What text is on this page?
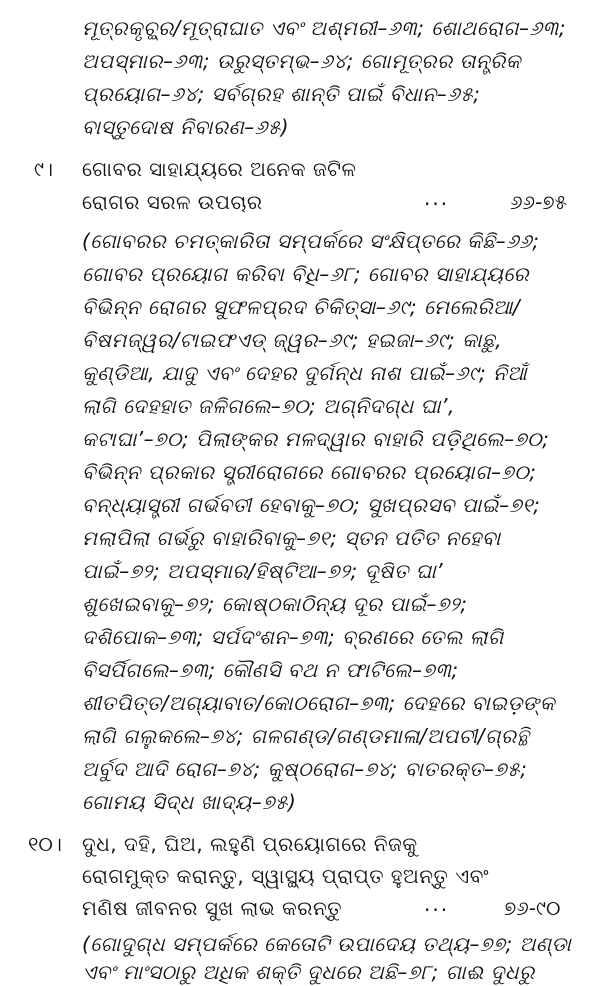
ମୂତ୍ରକୃଚ୍ଛ୍ର/ମୂତ୍ରାଘାତ ଏବଂ ଅଶ୍ମରୀ–୬୩; ଶୋଥରୋଗ–୬୩;
ଅପସ୍ମାର–୬୩; ଉରୁସ୍ତମ୍ଭ–୬୪; ଗୋମୂତ୍ରର ତାନ୍ତ୍ରିକ
ପ୍ରୟୋଗ–୬୪; ସର୍ବଗ୍ରହ ଶାନ୍ତି ପାଇଁ ବିଧାନ–୬୫;
ବାସ୍ତୁଦୋଷ ନିବାରଣ–୬୫)
୯। ଗୋବର ସାହାଯ୍ୟରେ ଅନେକ ଜଟିଳ
ରୋଗର ସରଳ ଉପଚାର	...	୬୬-୭୫
(ଗୋବରର ଚମତ୍କାରିତା ସମ୍ପର୍କରେ ସଂକ୍ଷିପ୍ତରେ କିଛି–୬୬;
ଗୋବର ପ୍ରୟୋଗ କରିବା ବିଧି–୬୮; ଗୋବର ସାହାଯ୍ୟରେ
ବିଭିନ୍ନ ରୋଗର ସୁଫଳପ୍ରଦ ଚିକିତ୍ସା–୬୯; ମେଲେରିଆ/
ବିଷମଜ୍ୱର/ଟାଇଫଏଡ୍ ଜ୍ୱର–୬୯; ହଇଜା–୬୯; କାଛୁ,
କୁଣ୍ଡିଆ, ଯାଦୁ ଏବଂ ଦେହର ଦୁର୍ଗନ୍ଧ ନାଶ ପାଇଁ–୬୯; ନିଆଁ
ଲାଗି ଦେହହାତ ଜଳିଗଲେ–୭୦; ଅଗ୍ନିଦଗ୍ଧ ଘା’,
କଟାଘା’–୭୦; ପିଲାଙ୍କର ମଳଦ୍ୱାର ବାହାରି ପଡ଼ିଥିଲେ–୭୦;
ବିଭିନ୍ନ ପ୍ରକାର ସ୍ତ୍ରୀରୋଗରେ ଗୋବରର ପ୍ରୟୋଗ–୭୦;
ବନ୍ଧ୍ୟାସ୍ତ୍ରୀ ଗର୍ଭବତୀ ହେବାକୁ–୭୦; ସୁଖପ୍ରସବ ପାଇଁ–୭୧;
ମଲାପିଲା ଗର୍ଭରୁ ବାହାରିବାକୁ–୭୧; ସ୍ତନ ପତିତ ନହେବା
ପାଇଁ–୭୨; ଅପସ୍ମାର/ହିଷ୍ଟିଆ–୭୨; ଦୂଷିତ ଘା’
ଶୁଖେଇବାକୁ–୭୨; କୋଷ୍ଠକାଠିନ୍ୟ ଦୂର ପାଇଁ–୭୨;
ଦଶିପୋକ–୭୩; ସର୍ପଦଂଶନ–୭୩; ବ୍ରଣରେ ତେଲ ଲାଗି
ବିସର୍ପିଗଲେ–୭୩; କୌଣସି ବଥ ନ ଫାଟିଲେ–୭୩;
ଶୀତପିତ୍ତ/ଅଗ୍ୟାବାତ/କୋଠରୋଗ–୭୩; ଦେହରେ ବାଇଡ଼ଙ୍କ
ଲାଗି ଗଲୁକଲେ–୭୪; ଗଳଗଣ୍ଡ/ଗଣ୍ଡମାଳା/ଅପଚୀ/ଗ୍ରନ୍ଥି
ଅର୍ବୁଦ ଆଦି ରୋଗ–୭୪; କୁଷ୍ଠରୋଗ–୭୪; ବାତରକ୍ତ–୭୫;
ଗୋମୟ ସିଦ୍ଧ ଖାଦ୍ୟ–୭୫)
୧୦। ଦୁଧ, ଦହି, ଘିଅ, ଲହୁଣି ପ୍ରୟୋଗରେ ନିଜକୁ
ରୋଗମୁକ୍ତ କରାନ୍ତୁ, ସ୍ୱାସ୍ଥ୍ୟ ପ୍ରାପ୍ତ ହୁଅନ୍ତୁ ଏବଂ
ମଣିଷ ଜୀବନର ସୁଖ ଲାଭ କରନ୍ତୁ	...	୭୬-୯୦
(ଗୋଦୁଗ୍ଧ ସମ୍ପର୍କରେ କେତୋଟି ଉପାଦେୟ ତଥ୍ୟ–୭୭; ଅଣ୍ଡା
ଏବଂ ମାଂସଠାରୁ ଅଧିକ ଶକ୍ତି ଦୁଧରେ ଅଛି–୭୮; ଗାଈ ଦୁଧରୁ
